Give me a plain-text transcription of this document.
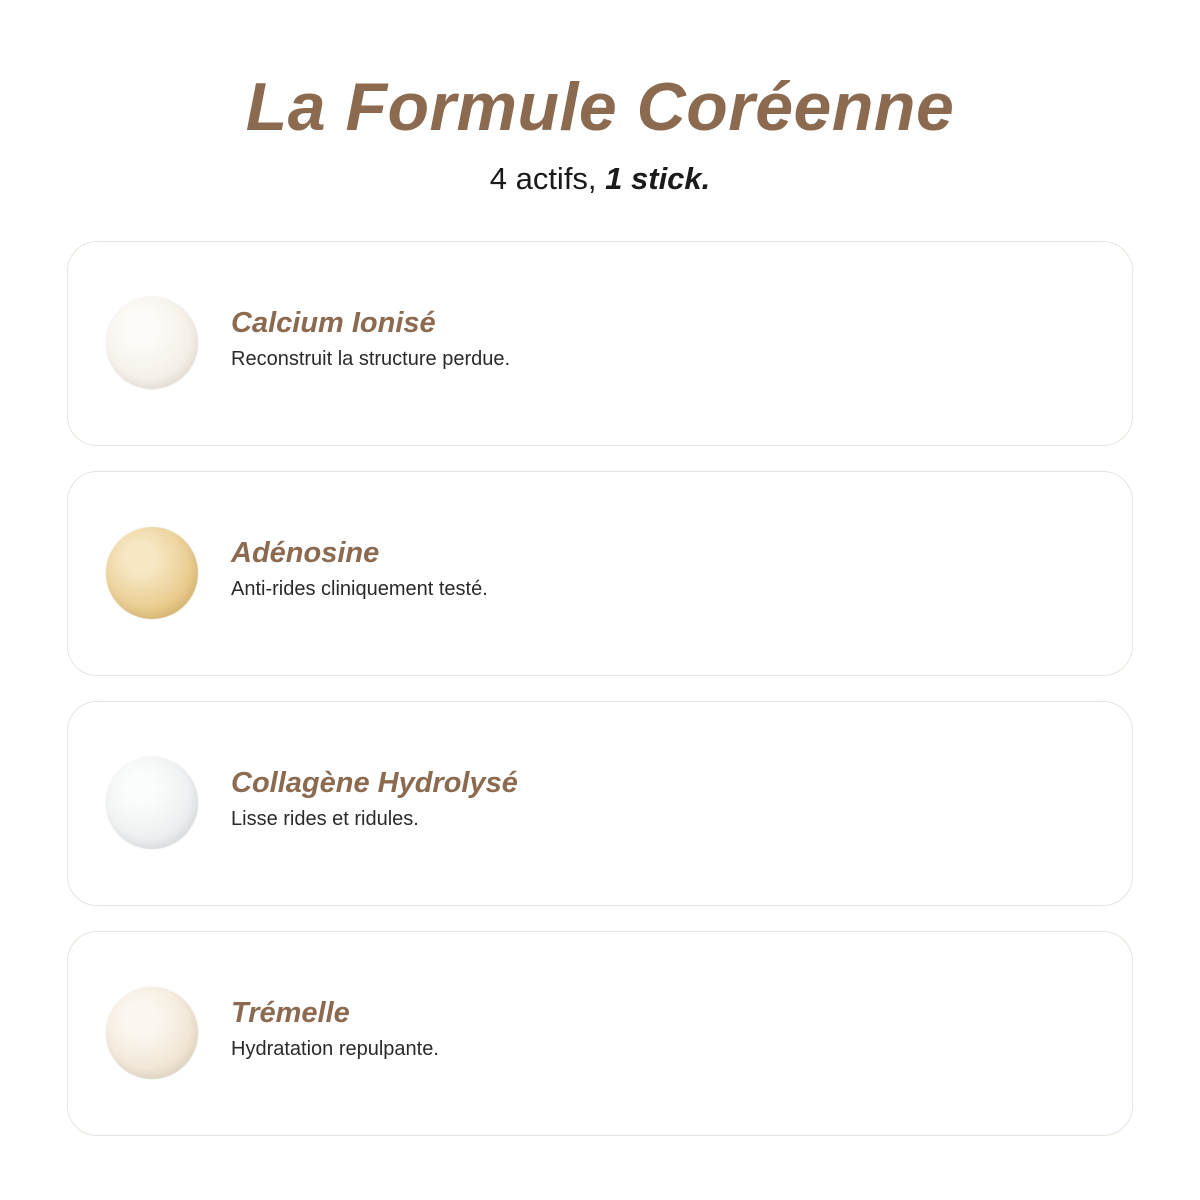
La Formule Coréenne

4 actifs, 1 stick.

Calcium Ionisé

Reconstruit la structure perdue.

Adénosine

Anti-rides cliniquement testé.

Collagène Hydrolysé

Lisse rides et ridules.

Trémelle

Hydratation repulpante.
